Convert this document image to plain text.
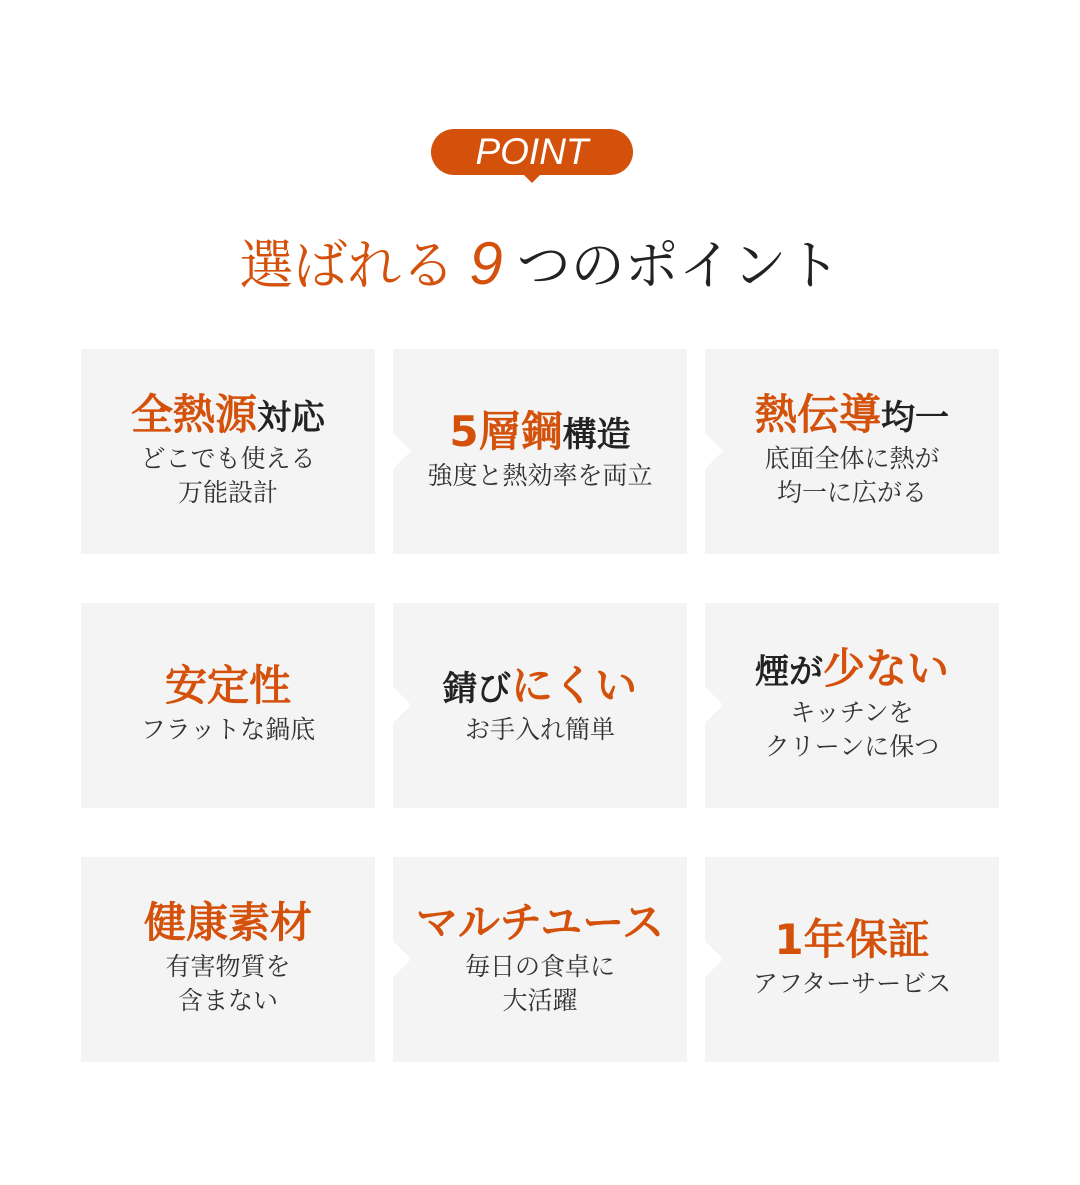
POINT
選ばれる 9 つのポイント
全熱源対応
どこでも使える
万能設計
5層鋼構造
強度と熱効率を両立
熱伝導均一
底面全体に熱が
均一に広がる
安定性
フラットな鍋底
錆びにくい
お手入れ簡単
煙が少ない
キッチンを
クリーンに保つ
健康素材
有害物質を
含まない
マルチユース
毎日の食卓に
大活躍
1年保証
アフターサービス
